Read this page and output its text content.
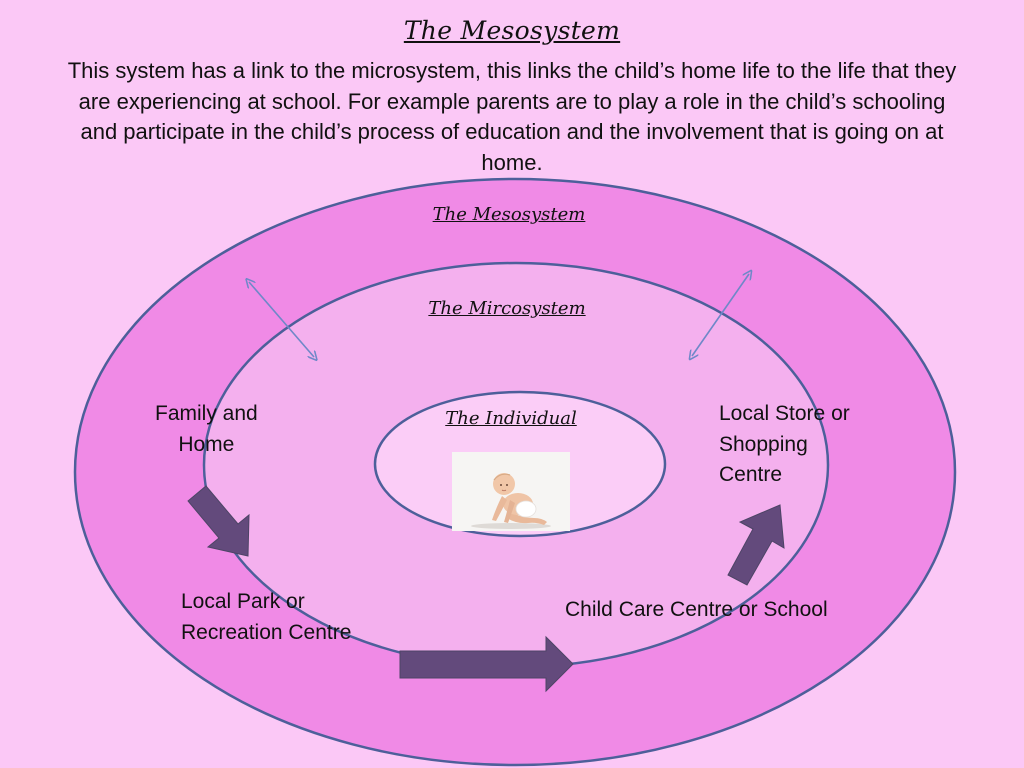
The Mesosystem
This system has a link to the microsystem, this links the child’s home life to the life that they are experiencing at school. For example parents are to play a role in the child’s schooling and participate in the child’s process of education and the involvement that is going on at home.
The Mesosystem
The Mircosystem
The Individual
Family and
Home
Local Store or
Shopping
Centre
Local Park or
Recreation Centre
Child Care Centre or School
